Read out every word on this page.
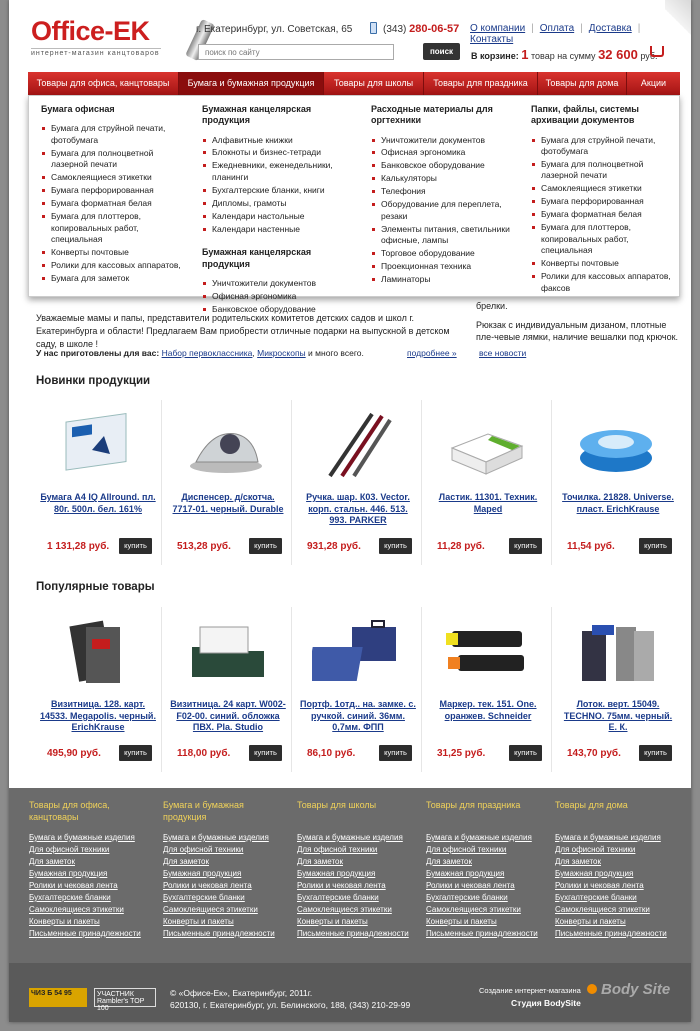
Office-EK
интернет-магазин канцтоваров
г. Екатеринбург, ул. Советская, 65	(343) 280-06-57
поиск по сайту
поиск
О компании | Оплата | Доставка |Контакты
В корзине: 1 товар на сумму 32 600 руб.
Товары для офиса, канцтовары	Бумага и бумажная продукция	Товары для школы	Товары для праздника	Товары для дома	Акции
Бумага офисная
Бумага для струйной печати, фотобумага
Бумага для полноцветной лазерной печати
Самоклеящиеся этикетки
Бумага перфорированная
Бумага форматная белая
Бумага для плоттеров, копировальных работ, специальная
Конверты почтовые
Ролики для кассовых аппаратов,
Бумага для заметок
Бумажная канцелярская продукция
Алфавитные книжки
Блокноты и бизнес-тетради
Ежедневники, еженедельники, планинги
Бухгалтерские бланки, книги
Дипломы, грамоты
Календари настольные
Календари настенные
Бумажная канцелярская продукция
Уничтожители документов
Офисная эргономика
Банковское оборудование
Расходные материалы для оргтехники
Уничтожители документов
Офисная эргономика
Банковское оборудование
Калькуляторы
Телефония
Оборудование для переплета, резаки
Элементы питания, светильники офисные, лампы
Торговое оборудование
Проекционная техника
Ламинаторы
Папки, файлы, системы архивации документов
Бумага для струйной печати, фотобумага
Бумага для полноцветной лазерной печати
Самоклеящиеся этикетки
Бумага перфорированная
Бумага форматная белая
Бумага для плоттеров, копировальных работ, специальная
Конверты почтовые
Ролики для кассовых аппаратов, факсов
Уважаемые мамы и папы, представители родительских комитетов детских садов и школ г. Екатеринбурга и области! Предлагаем Вам приобрести отличные подарки на выпускной в детском саду, в школе !
брелки.
Рюкзак с индивидуальным дизаном, плотные пле-чевые лямки, наличие вешалки под крючок.
У нас приготовлены для вас: Набор первоклассника, Микроскопы и много всего.	подробнее »	все новости
Новинки продукции
Бумага А4 IQ Allround. пл. 80г. 500л. бел. 161%
1 131,28 руб.	купить
Диспенсер. д/скотча. 7717-01. черный. Durable
513,28 руб.	купить
Ручка. шар. К03. Vector. корп. стальн. 446. 513. 993. PARKER
931,28 руб.	купить
Ластик. 11301. Техник. Maped
11,28 руб.	купить
Точилка. 21828. Universe. пласт. ErichKrause
11,54 руб.	купить
Популярные товары
Визитница. 128. карт. 14533. Megapolis. черный. ErichKrause
495,90 руб.	купить
Визитница. 24 карт. W002-F02-00. синий. обложка ПВХ. Pla. Studio
118,00 руб.	купить
Портф. 1отд.. на. замке. с. ручкой. синий. 36мм. 0,7мм. ФПП
86,10 руб.	купить
Маркер. тек. 151. One. оранжев. Schneider
31,25 руб.	купить
Лоток. верт. 15049. TECHNO. 75мм. черный. Е. К.
143,70 руб.	купить
Товары для офиса, канцтовары
Бумага и бумажные изделия
Для офисной техники
Для заметок
Бумажная продукция
Ролики и чековая лента
Бухгалтерские бланки
Самоклеящиеся этикетки
Конверты и пакеты
Письменные принадлежности
Бумага и бумажная продукция
Бумага и бумажные изделия
Для офисной техники
Для заметок
Бумажная продукция
Ролики и чековая лента
Бухгалтерские бланки
Самоклеящиеся этикетки
Конверты и пакеты
Письменные принадлежности
Товары для школы
Бумага и бумажные изделия
Для офисной техники
Для заметок
Бумажная продукция
Ролики и чековая лента
Бухгалтерские бланки
Самоклеящиеся этикетки
Конверты и пакеты
Письменные принадлежности
Товары для праздника
Бумага и бумажные изделия
Для офисной техники
Для заметок
Бумажная продукция
Ролики и чековая лента
Бухгалтерские бланки
Самоклеящиеся этикетки
Конверты и пакеты
Письменные принадлежности
Товары для дома
Бумага и бумажные изделия
Для офисной техники
Для заметок
Бумажная продукция
Ролики и чековая лента
Бухгалтерские бланки
Самоклеящиеся этикетки
Конверты и пакеты
Письменные принадлежности
ЧИЗ Б 54 95	УЧАСТНИК Rambler's TOP 100
© «Офисе-Ек», Екатеринбург, 2011г.
620130, г. Екатеринбург, ул. Белинского, 188, (343) 210-29-99
Создание интернет-магазина
Студия BodySite
Body Site
